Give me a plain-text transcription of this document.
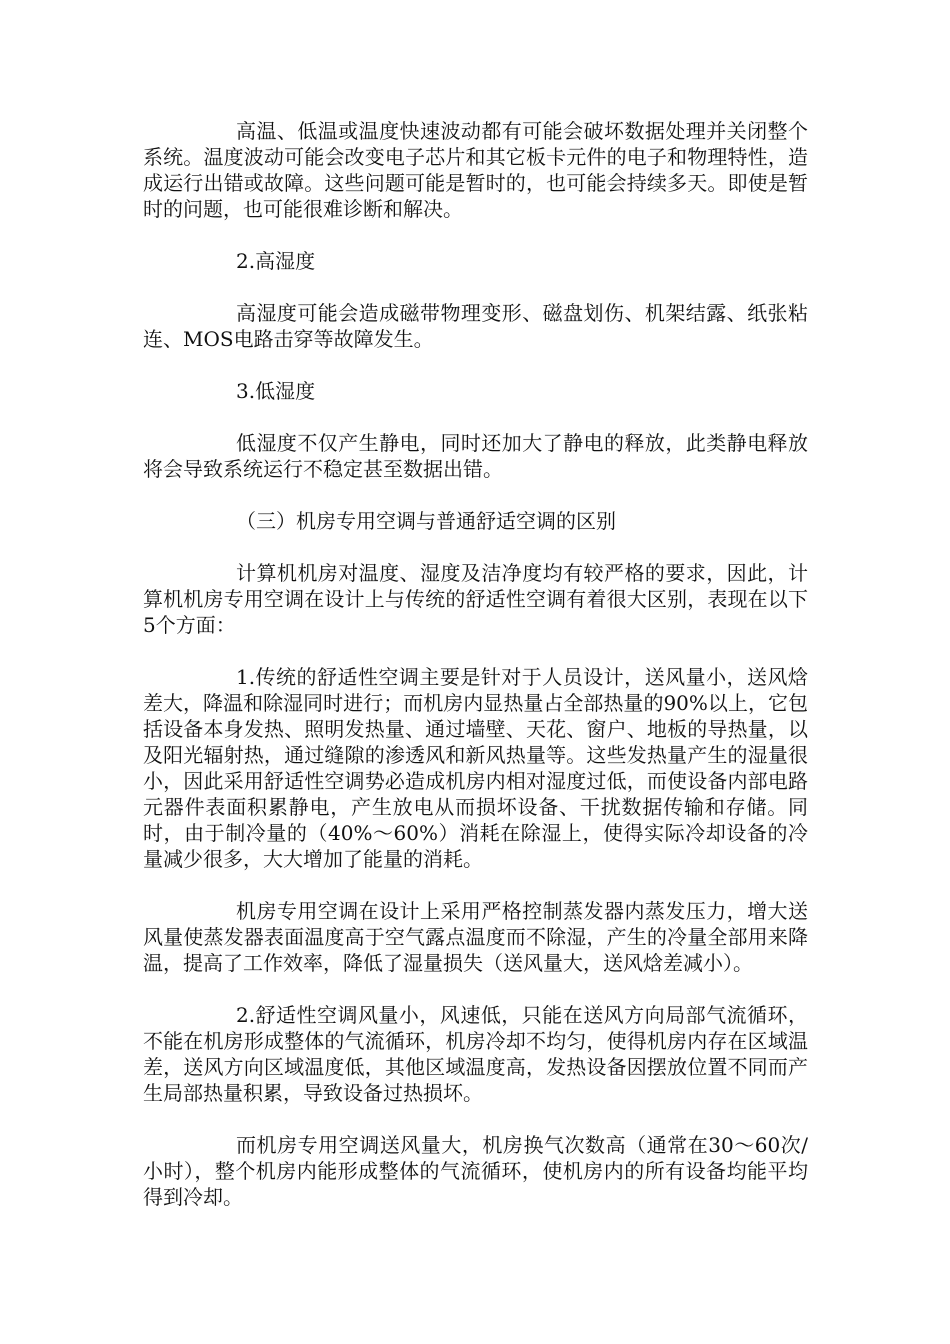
高温、低温或温度快速波动都有可能会破坏数据处理并关闭整个系统。温度波动可能会改变电子芯片和其它板卡元件的电子和物理特性，造成运行出错或故障。这些问题可能是暂时的，也可能会持续多天。即使是暂时的问题，也可能很难诊断和解决。

2.高湿度

高湿度可能会造成磁带物理变形、磁盘划伤、机架结露、纸张粘连、MOS电路击穿等故障发生。

3.低湿度

低湿度不仅产生静电，同时还加大了静电的释放，此类静电释放将会导致系统运行不稳定甚至数据出错。

（三）机房专用空调与普通舒适空调的区别

计算机机房对温度、湿度及洁净度均有较严格的要求，因此，计算机机房专用空调在设计上与传统的舒适性空调有着很大区别，表现在以下5个方面：

1.传统的舒适性空调主要是针对于人员设计，送风量小，送风焓差大，降温和除湿同时进行；而机房内显热量占全部热量的90%以上，它包括设备本身发热、照明发热量、通过墙壁、天花、窗户、地板的导热量，以及阳光辐射热，通过缝隙的渗透风和新风热量等。这些发热量产生的湿量很小，因此采用舒适性空调势必造成机房内相对湿度过低，而使设备内部电路元器件表面积累静电，产生放电从而损坏设备、干扰数据传输和存储。同时，由于制冷量的（40%～60%）消耗在除湿上，使得实际冷却设备的冷量减少很多，大大增加了能量的消耗。

机房专用空调在设计上采用严格控制蒸发器内蒸发压力，增大送风量使蒸发器表面温度高于空气露点温度而不除湿，产生的冷量全部用来降温，提高了工作效率，降低了湿量损失（送风量大，送风焓差减小）。

2.舒适性空调风量小，风速低，只能在送风方向局部气流循环，不能在机房形成整体的气流循环，机房冷却不均匀，使得机房内存在区域温差，送风方向区域温度低，其他区域温度高，发热设备因摆放位置不同而产生局部热量积累，导致设备过热损坏。

而机房专用空调送风量大，机房换气次数高（通常在30～60次/小时），整个机房内能形成整体的气流循环，使机房内的所有设备均能平均得到冷却。
